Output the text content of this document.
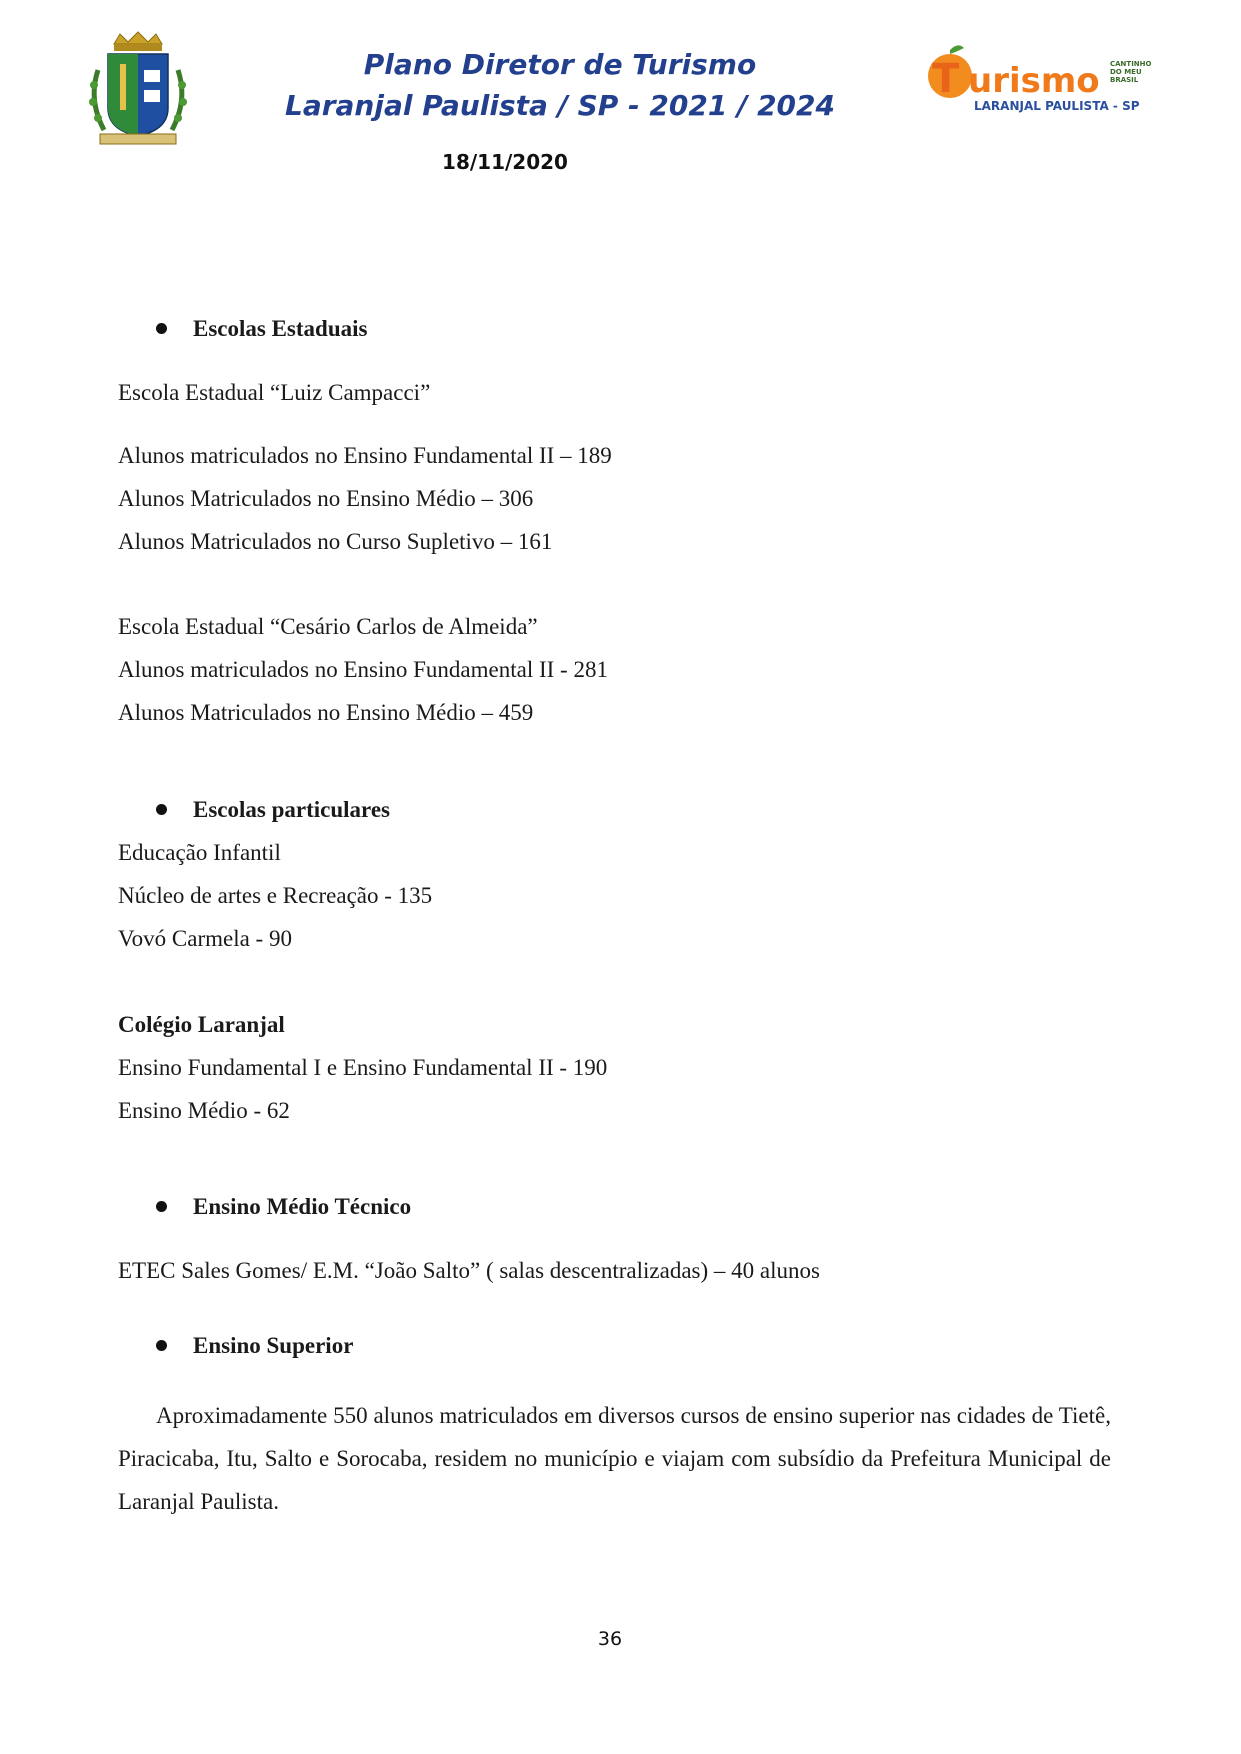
Plano Diretor de Turismo
Laranjal Paulista / SP - 2021 / 2024
18/11/2020
T urismo CANTINHO
DO MEU
BRASIL
LARANJAL PAULISTA - SP
Escolas Estaduais
Escola Estadual “Luiz Campacci”
Alunos matriculados no Ensino Fundamental II – 189
Alunos Matriculados no Ensino Médio – 306
Alunos Matriculados no Curso Supletivo – 161
Escola Estadual “Cesário Carlos de Almeida”
Alunos matriculados no Ensino Fundamental II - 281
Alunos Matriculados no Ensino Médio – 459
Escolas particulares
Educação Infantil
Núcleo de artes e Recreação - 135
Vovó Carmela - 90
Colégio Laranjal
Ensino Fundamental I e Ensino Fundamental II - 190
Ensino Médio - 62
Ensino Médio Técnico
ETEC Sales Gomes/ E.M. “João Salto” ( salas descentralizadas) – 40 alunos
Ensino Superior
Aproximadamente 550 alunos matriculados em diversos cursos de ensino superior nas cidades de Tietê, Piracicaba, Itu, Salto e Sorocaba, residem no município e viajam com subsídio da Prefeitura Municipal de Laranjal Paulista.
36
